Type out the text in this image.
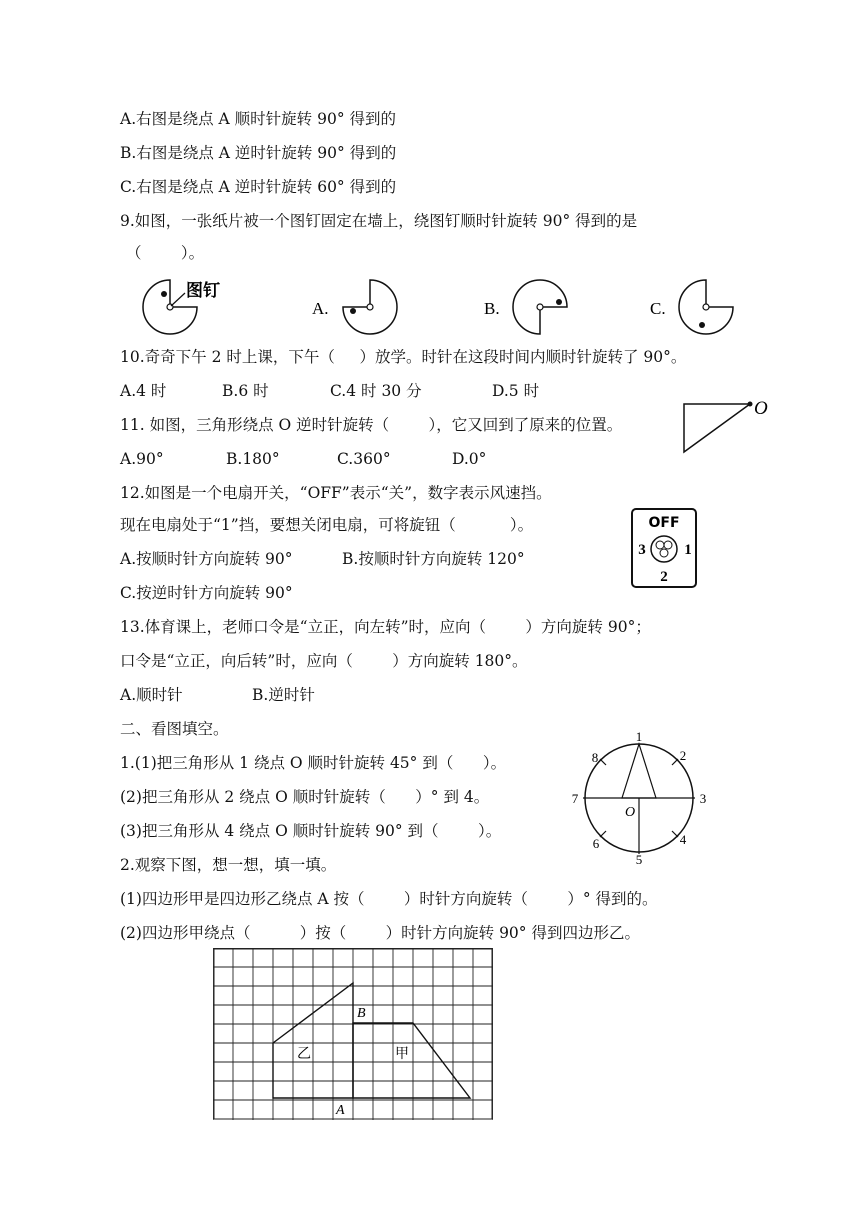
A.右图是绕点 A 顺时针旋转 90° 得到的
B.右图是绕点 A 逆时针旋转 90° 得到的
C.右图是绕点 A 逆时针旋转 60° 得到的
9.如图，一张纸片被一个图钉固定在墙上，绕图钉顺时针旋转 90° 得到的是
（        ）。
图钉
A.	B.	C.
10.奇奇下午 2 时上课，下午（     ）放学。时针在这段时间内顺时针旋转了 90°。
A.4 时	B.6 时	C.4 时 30 分	D.5 时
11. 如图，三角形绕点 O 逆时针旋转（        ），它又回到了原来的位置。
A.90°	B.180°	C.360°	D.0°
O
12.如图是一个电扇开关，“OFF”表示“关”，数字表示风速挡。
现在电扇处于“1”挡，要想关闭电扇，可将旋钮（           ）。
A.按顺时针方向旋转 90°	B.按顺时针方向旋转 120°
C.按逆时针方向旋转 90°
OFF
3	1
2
13.体育课上，老师口令是“立正，向左转”时，应向（        ）方向旋转 90°；
口令是“立正，向后转”时，应向（        ）方向旋转 180°。
A.顺时针	B.逆时针
二、看图填空。
1.(1)把三角形从 1 绕点 O 顺时针旋转 45° 到（      ）。
(2)把三角形从 2 绕点 O 顺时针旋转（      ）° 到 4。
(3)把三角形从 4 绕点 O 顺时针旋转 90° 到（        ）。
1
2
3
4
5
6
7
8
O
2.观察下图，想一想，填一填。
(1)四边形甲是四边形乙绕点 A 按（        ）时针方向旋转（        ）° 得到的。
(2)四边形甲绕点（          ）按（        ）时针方向旋转 90° 得到四边形乙。
乙	甲
B
A
